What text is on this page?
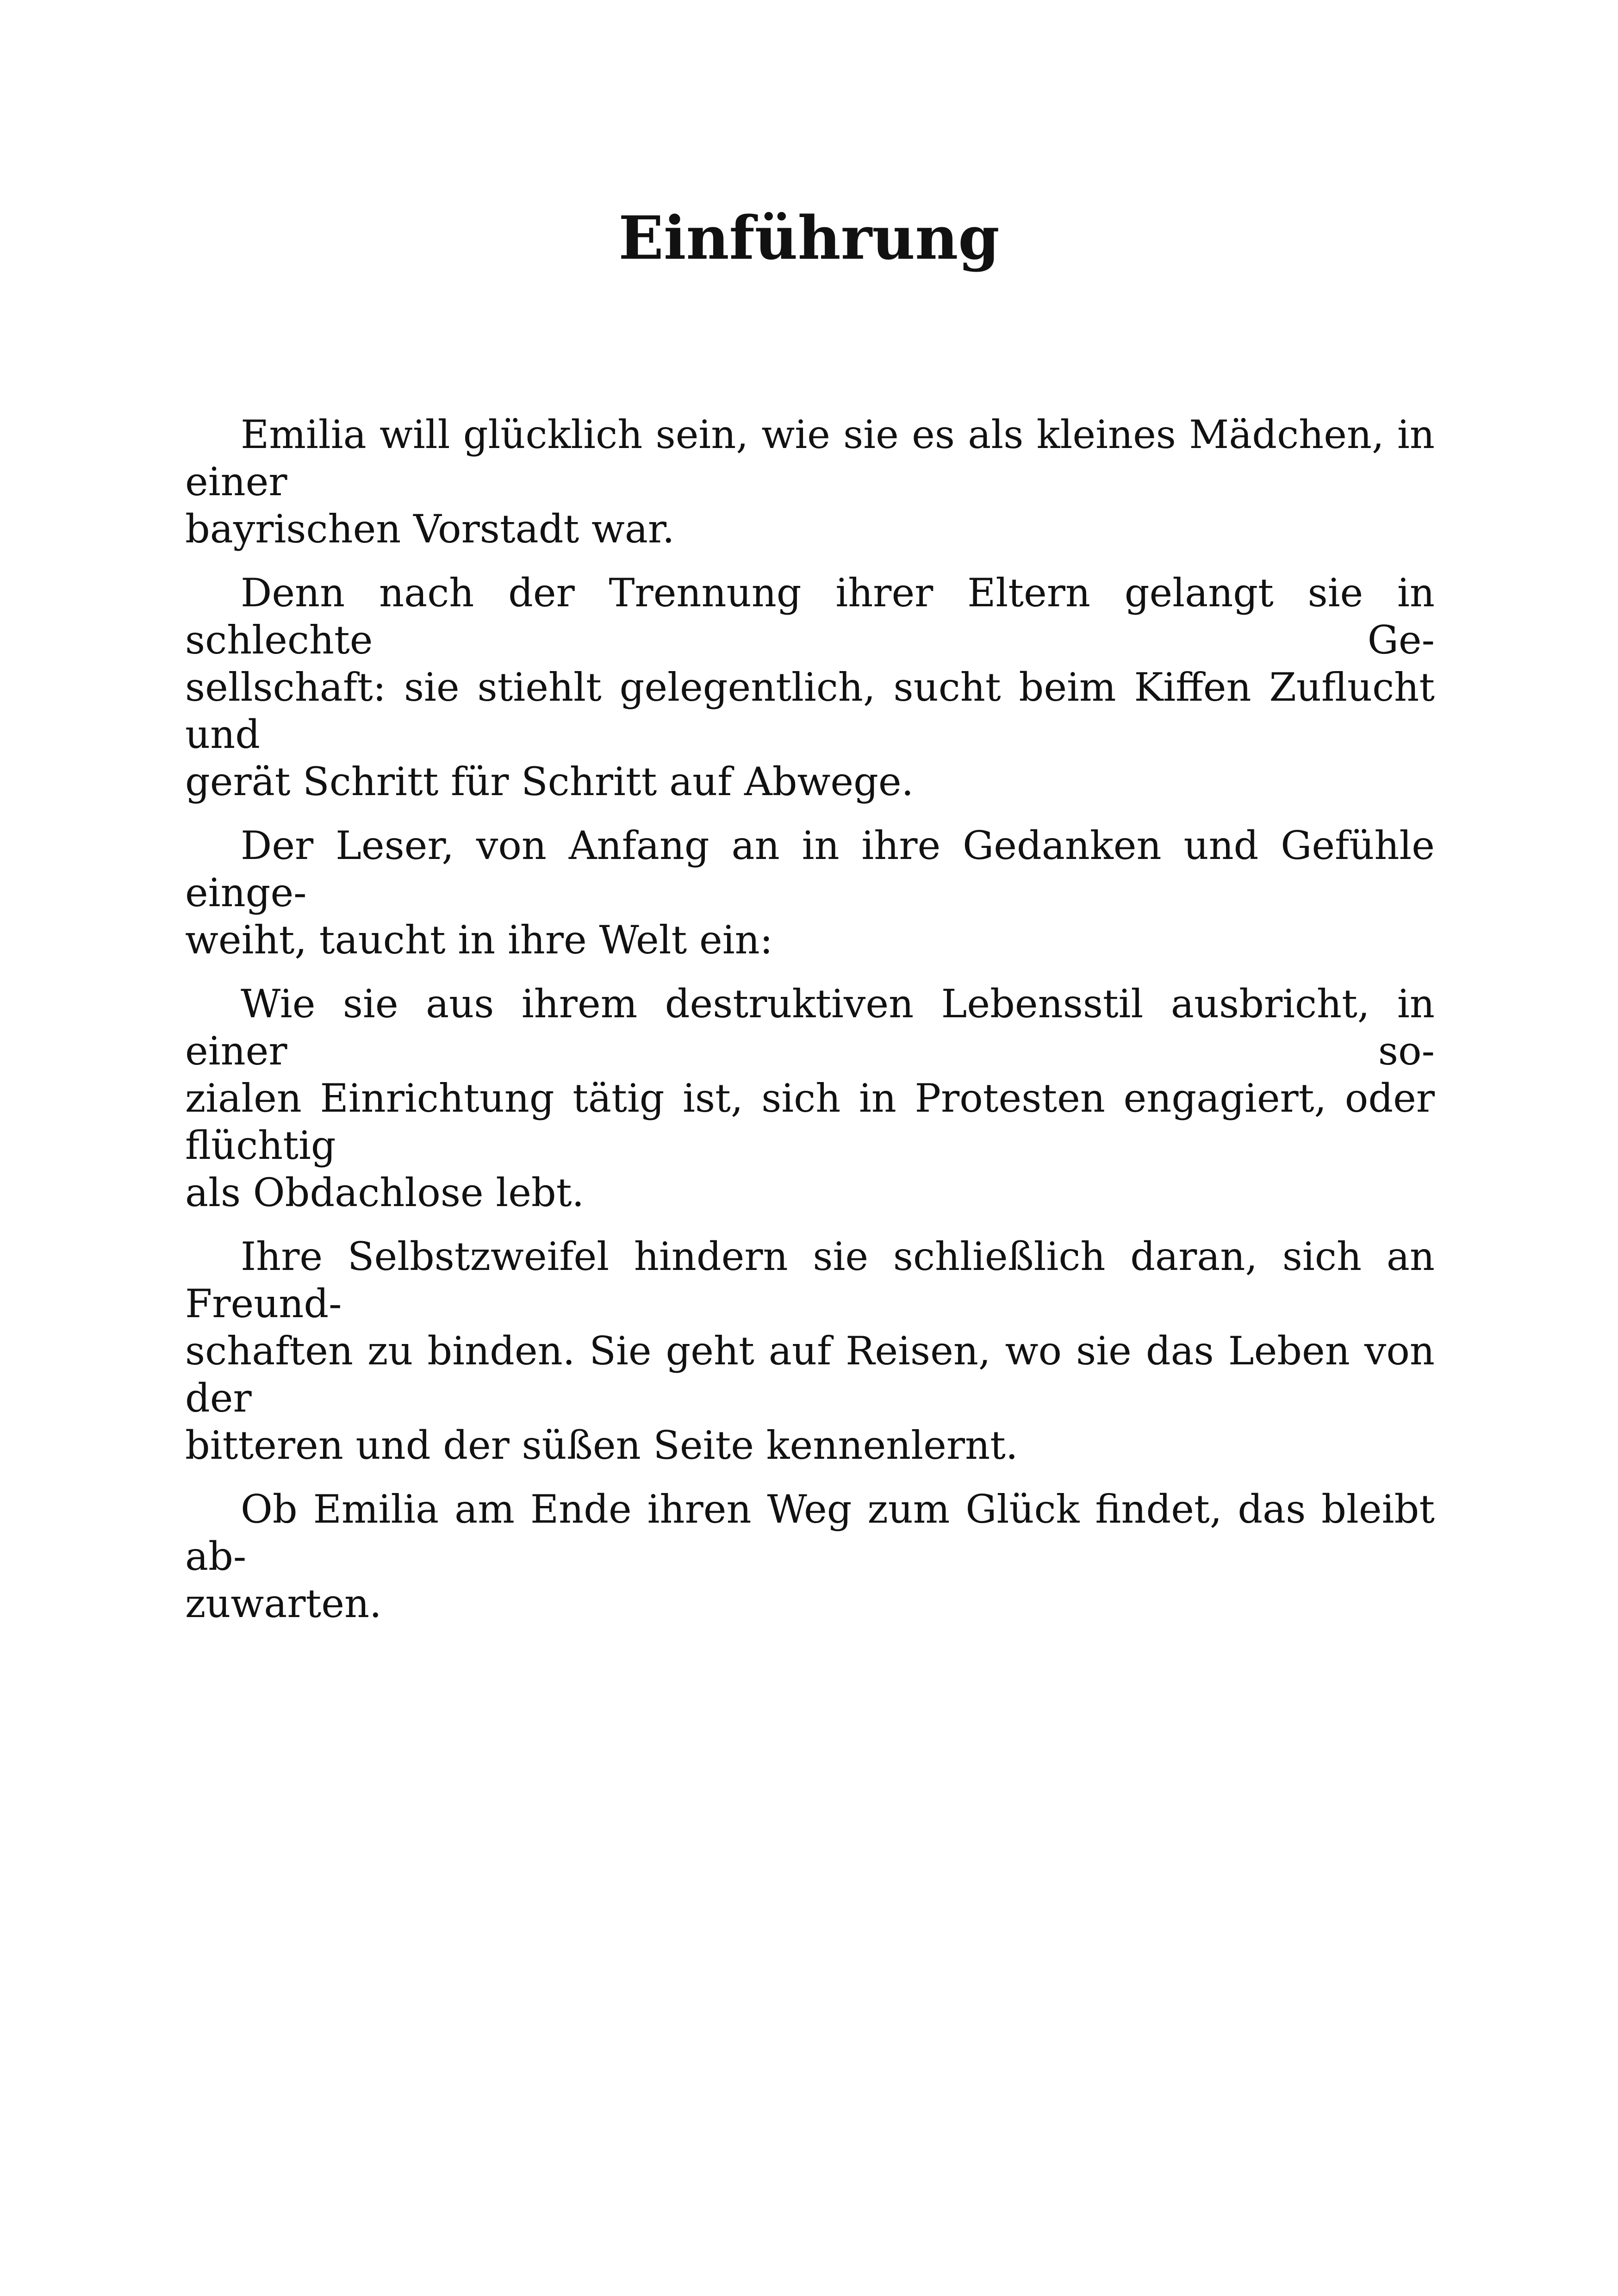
Einführung

Emilia will glücklich sein, wie sie es als kleines Mädchen, in einer
bayrischen Vorstadt war.

Denn nach der Trennung ihrer Eltern gelangt sie in schlechte Ge-
sellschaft: sie stiehlt gelegentlich, sucht beim Kiffen Zuflucht und
gerät Schritt für Schritt auf Abwege.

Der Leser, von Anfang an in ihre Gedanken und Gefühle einge-
weiht, taucht in ihre Welt ein:

Wie sie aus ihrem destruktiven Lebensstil ausbricht, in einer so-
zialen Einrichtung tätig ist, sich in Protesten engagiert, oder flüchtig
als Obdachlose lebt.

Ihre Selbstzweifel hindern sie schließlich daran, sich an Freund-
schaften zu binden. Sie geht auf Reisen, wo sie das Leben von der
bitteren und der süßen Seite kennenlernt.

Ob Emilia am Ende ihren Weg zum Glück findet, das bleibt ab-
zuwarten.
